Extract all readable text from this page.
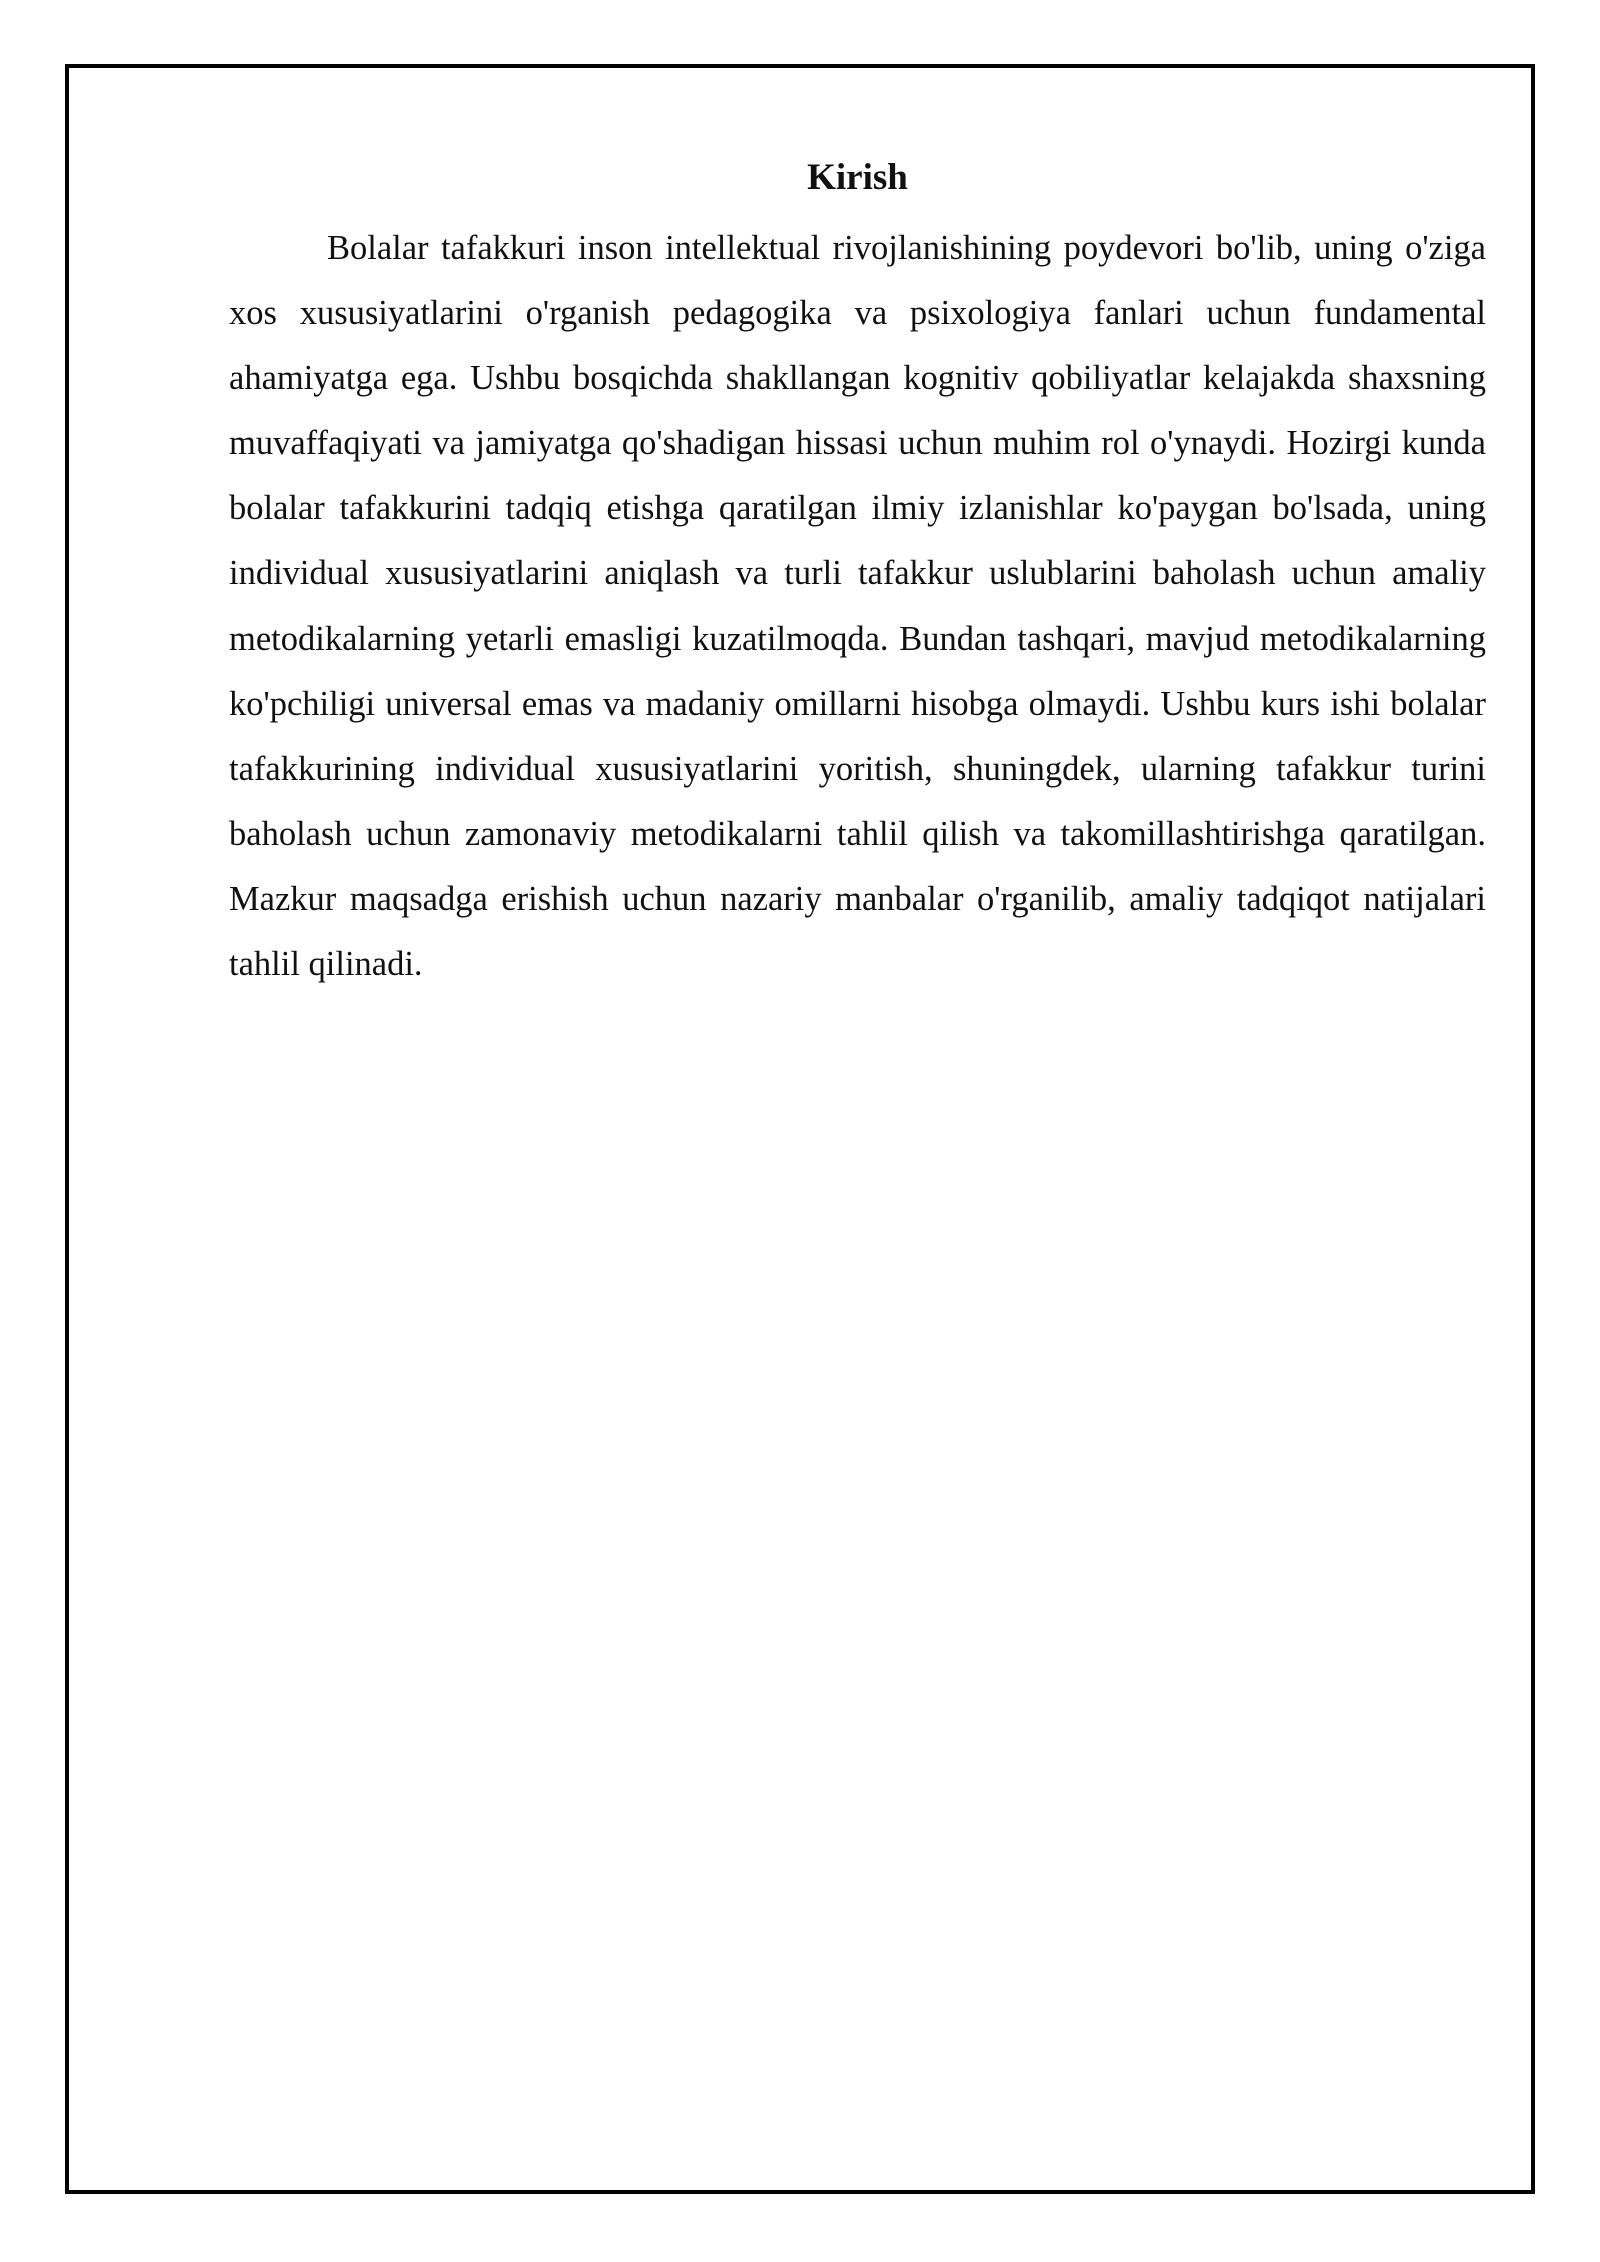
Kirish

Bolalar tafakkuri inson intellektual rivojlanishining poydevori bo'lib, uning o'ziga xos xususiyatlarini o'rganish pedagogika va psixologiya fanlari uchun fundamental ahamiyatga ega. Ushbu bosqichda shakllangan kognitiv qobiliyatlar kelajakda shaxsning muvaffaqiyati va jamiyatga qo'shadigan hissasi uchun muhim rol o'ynaydi. Hozirgi kunda bolalar tafakkurini tadqiq etishga qaratilgan ilmiy izlanishlar ko'paygan bo'lsada, uning individual xususiyatlarini aniqlash va turli tafakkur uslublarini baholash uchun amaliy metodikalarning yetarli emasligi kuzatilmoqda. Bundan tashqari, mavjud metodikalarning ko'pchiligi universal emas va madaniy omillarni hisobga olmaydi. Ushbu kurs ishi bolalar tafakkurining individual xususiyatlarini yoritish, shuningdek, ularning tafakkur turini baholash uchun zamonaviy metodikalarni tahlil qilish va takomillashtirishga qaratilgan. Mazkur maqsadga erishish uchun nazariy manbalar o'rganilib, amaliy tadqiqot natijalari tahlil qilinadi.
